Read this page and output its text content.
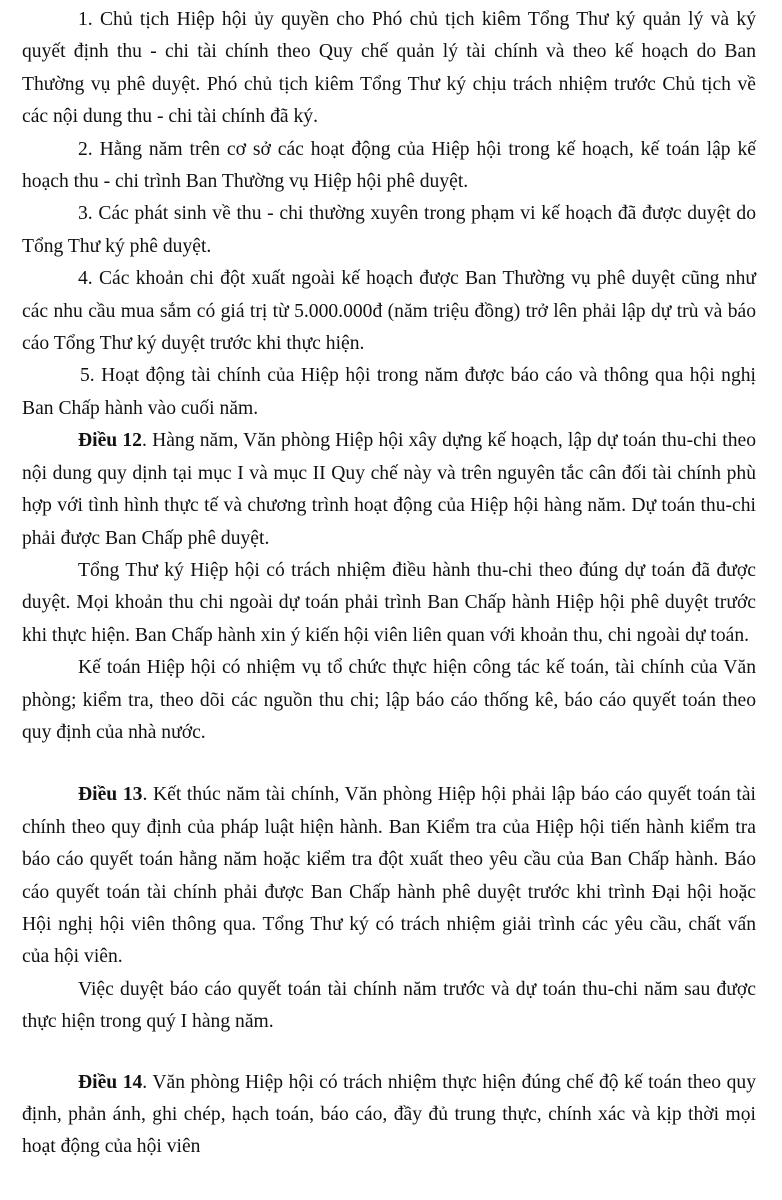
1. Chủ tịch Hiệp hội ủy quyền cho Phó chủ tịch kiêm Tổng Thư ký quản lý và ký quyết định thu - chi tài chính theo Quy chế quản lý tài chính và theo kế hoạch do Ban Thường vụ phê duyệt. Phó chủ tịch kiêm Tổng Thư ký chịu trách nhiệm trước Chủ tịch về các nội dung thu - chi tài chính đã ký.

2. Hằng năm trên cơ sở các hoạt động của Hiệp hội trong kế hoạch, kế toán lập kế hoạch thu - chi trình Ban Thường vụ Hiệp hội phê duyệt.

3. Các phát sinh về thu - chi thường xuyên trong phạm vi kế hoạch đã được duyệt do Tổng Thư ký phê duyệt.

4. Các khoản chi đột xuất ngoài kế hoạch được Ban Thường vụ phê duyệt cũng như các nhu cầu mua sắm có giá trị từ 5.000.000đ (năm triệu đồng) trở lên phải lập dự trù và báo cáo Tổng Thư ký duyệt trước khi thực hiện.

5. Hoạt động tài chính của Hiệp hội trong năm được báo cáo và thông qua hội nghị Ban Chấp hành vào cuối năm.

Điều 12. Hàng năm, Văn phòng Hiệp hội xây dựng kế hoạch, lập dự toán thu-chi theo nội dung quy dịnh tại mục I và mục II Quy chế này và trên nguyên tắc cân đối tài chính phù hợp với tình hình thực tế và chương trình hoạt động của Hiệp hội hàng năm. Dự toán thu-chi phải được Ban Chấp phê duyệt.

Tổng Thư ký Hiệp hội có trách nhiệm điều hành thu-chi theo đúng dự toán đã được duyệt. Mọi khoản thu chi ngoài dự toán phải trình Ban Chấp hành Hiệp hội phê duyệt trước khi thực hiện. Ban Chấp hành xin ý kiến hội viên liên quan với khoản thu, chi ngoài dự toán.

Kế toán Hiệp hội có nhiệm vụ tổ chức thực hiện công tác kế toán, tài chính của Văn phòng; kiểm tra, theo dõi các nguồn thu chi; lập báo cáo thống kê, báo cáo quyết toán theo quy định của nhà nước.

Điều 13. Kết thúc năm tài chính, Văn phòng Hiệp hội phải lập báo cáo quyết toán tài chính theo quy định của pháp luật hiện hành. Ban Kiểm tra của Hiệp hội tiến hành kiểm tra báo cáo quyết toán hằng năm hoặc kiểm tra đột xuất theo yêu cầu của Ban Chấp hành. Báo cáo quyết toán tài chính phải được Ban Chấp hành phê duyệt trước khi trình Đại hội hoặc Hội nghị hội viên thông qua. Tổng Thư ký có trách nhiệm giải trình các yêu cầu, chất vấn của hội viên.

Việc duyệt báo cáo quyết toán tài chính năm trước và dự toán thu-chi năm sau được thực hiện trong quý I hàng năm.

Điều 14. Văn phòng Hiệp hội có trách nhiệm thực hiện đúng chế độ kế toán theo quy định, phản ánh, ghi chép, hạch toán, báo cáo, đầy đủ trung thực, chính xác và kịp thời mọi hoạt động của hội viên
